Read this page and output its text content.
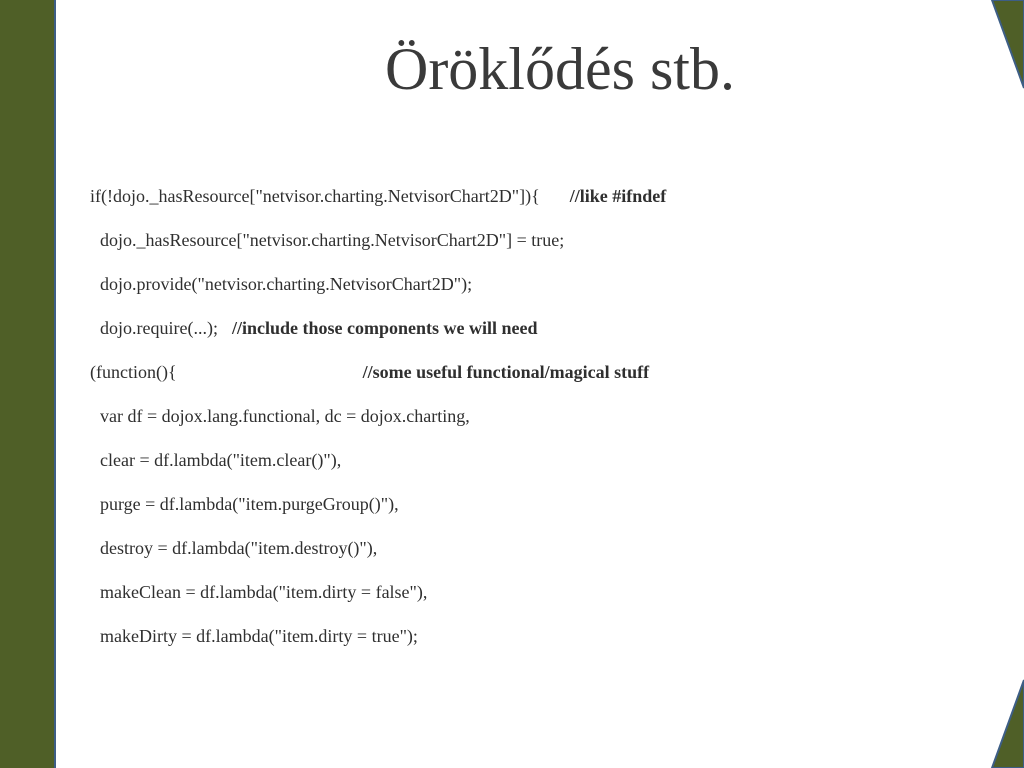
Öröklődés stb.
if(!dojo._hasResource["netvisor.charting.NetvisorChart2D"]){ //like #ifndef
dojo._hasResource["netvisor.charting.NetvisorChart2D"] = true;
dojo.provide("netvisor.charting.NetvisorChart2D");
dojo.require(...); //include those components we will need
(function(){	//some useful functional/magical stuff
var df = dojox.lang.functional, dc = dojox.charting,
clear = df.lambda("item.clear()"),
purge = df.lambda("item.purgeGroup()"),
destroy = df.lambda("item.destroy()"),
makeClean = df.lambda("item.dirty = false"),
makeDirty = df.lambda("item.dirty = true");
